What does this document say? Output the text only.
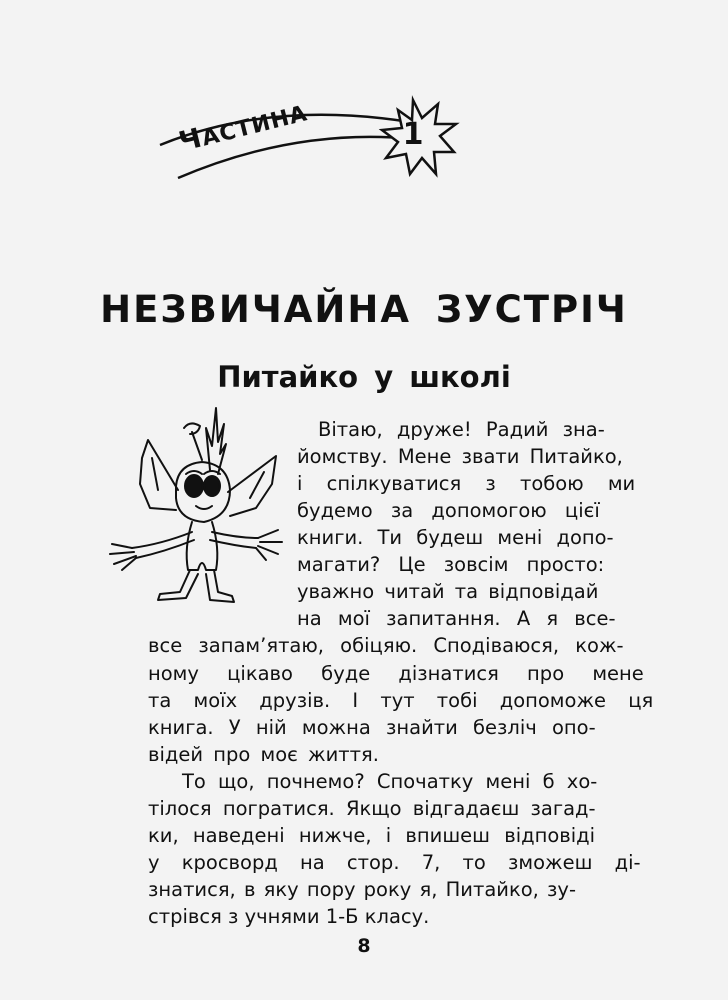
ЧАСТИНА	1
НЕЗВИЧАЙНА ЗУСТРІЧ
Питайко у школі
Вітаю, друже! Радий зна-
йомству. Мене звати Питайко,
і спілкуватися з тобою ми
будемо за допомогою цієї
книги. Ти будеш мені допо-
магати? Це зовсім просто:
уважно читай та відповідай
на мої запитання. А я все-
все запам’ятаю, обіцяю. Сподіваюся, кож-
ному цікаво буде дізнатися про мене
та моїх друзів. І тут тобі допоможе ця
книга. У ній можна знайти безліч опо-
відей про моє життя.
То що, почнемо? Спочатку мені б хо-
тілося погратися. Якщо відгадаєш загад-
ки, наведені нижче, і впишеш відповіді
у кросворд на стор. 7, то зможеш ді-
знатися, в яку пору року я, Питайко, зу-
стрівся з учнями 1-Б класу.
8
